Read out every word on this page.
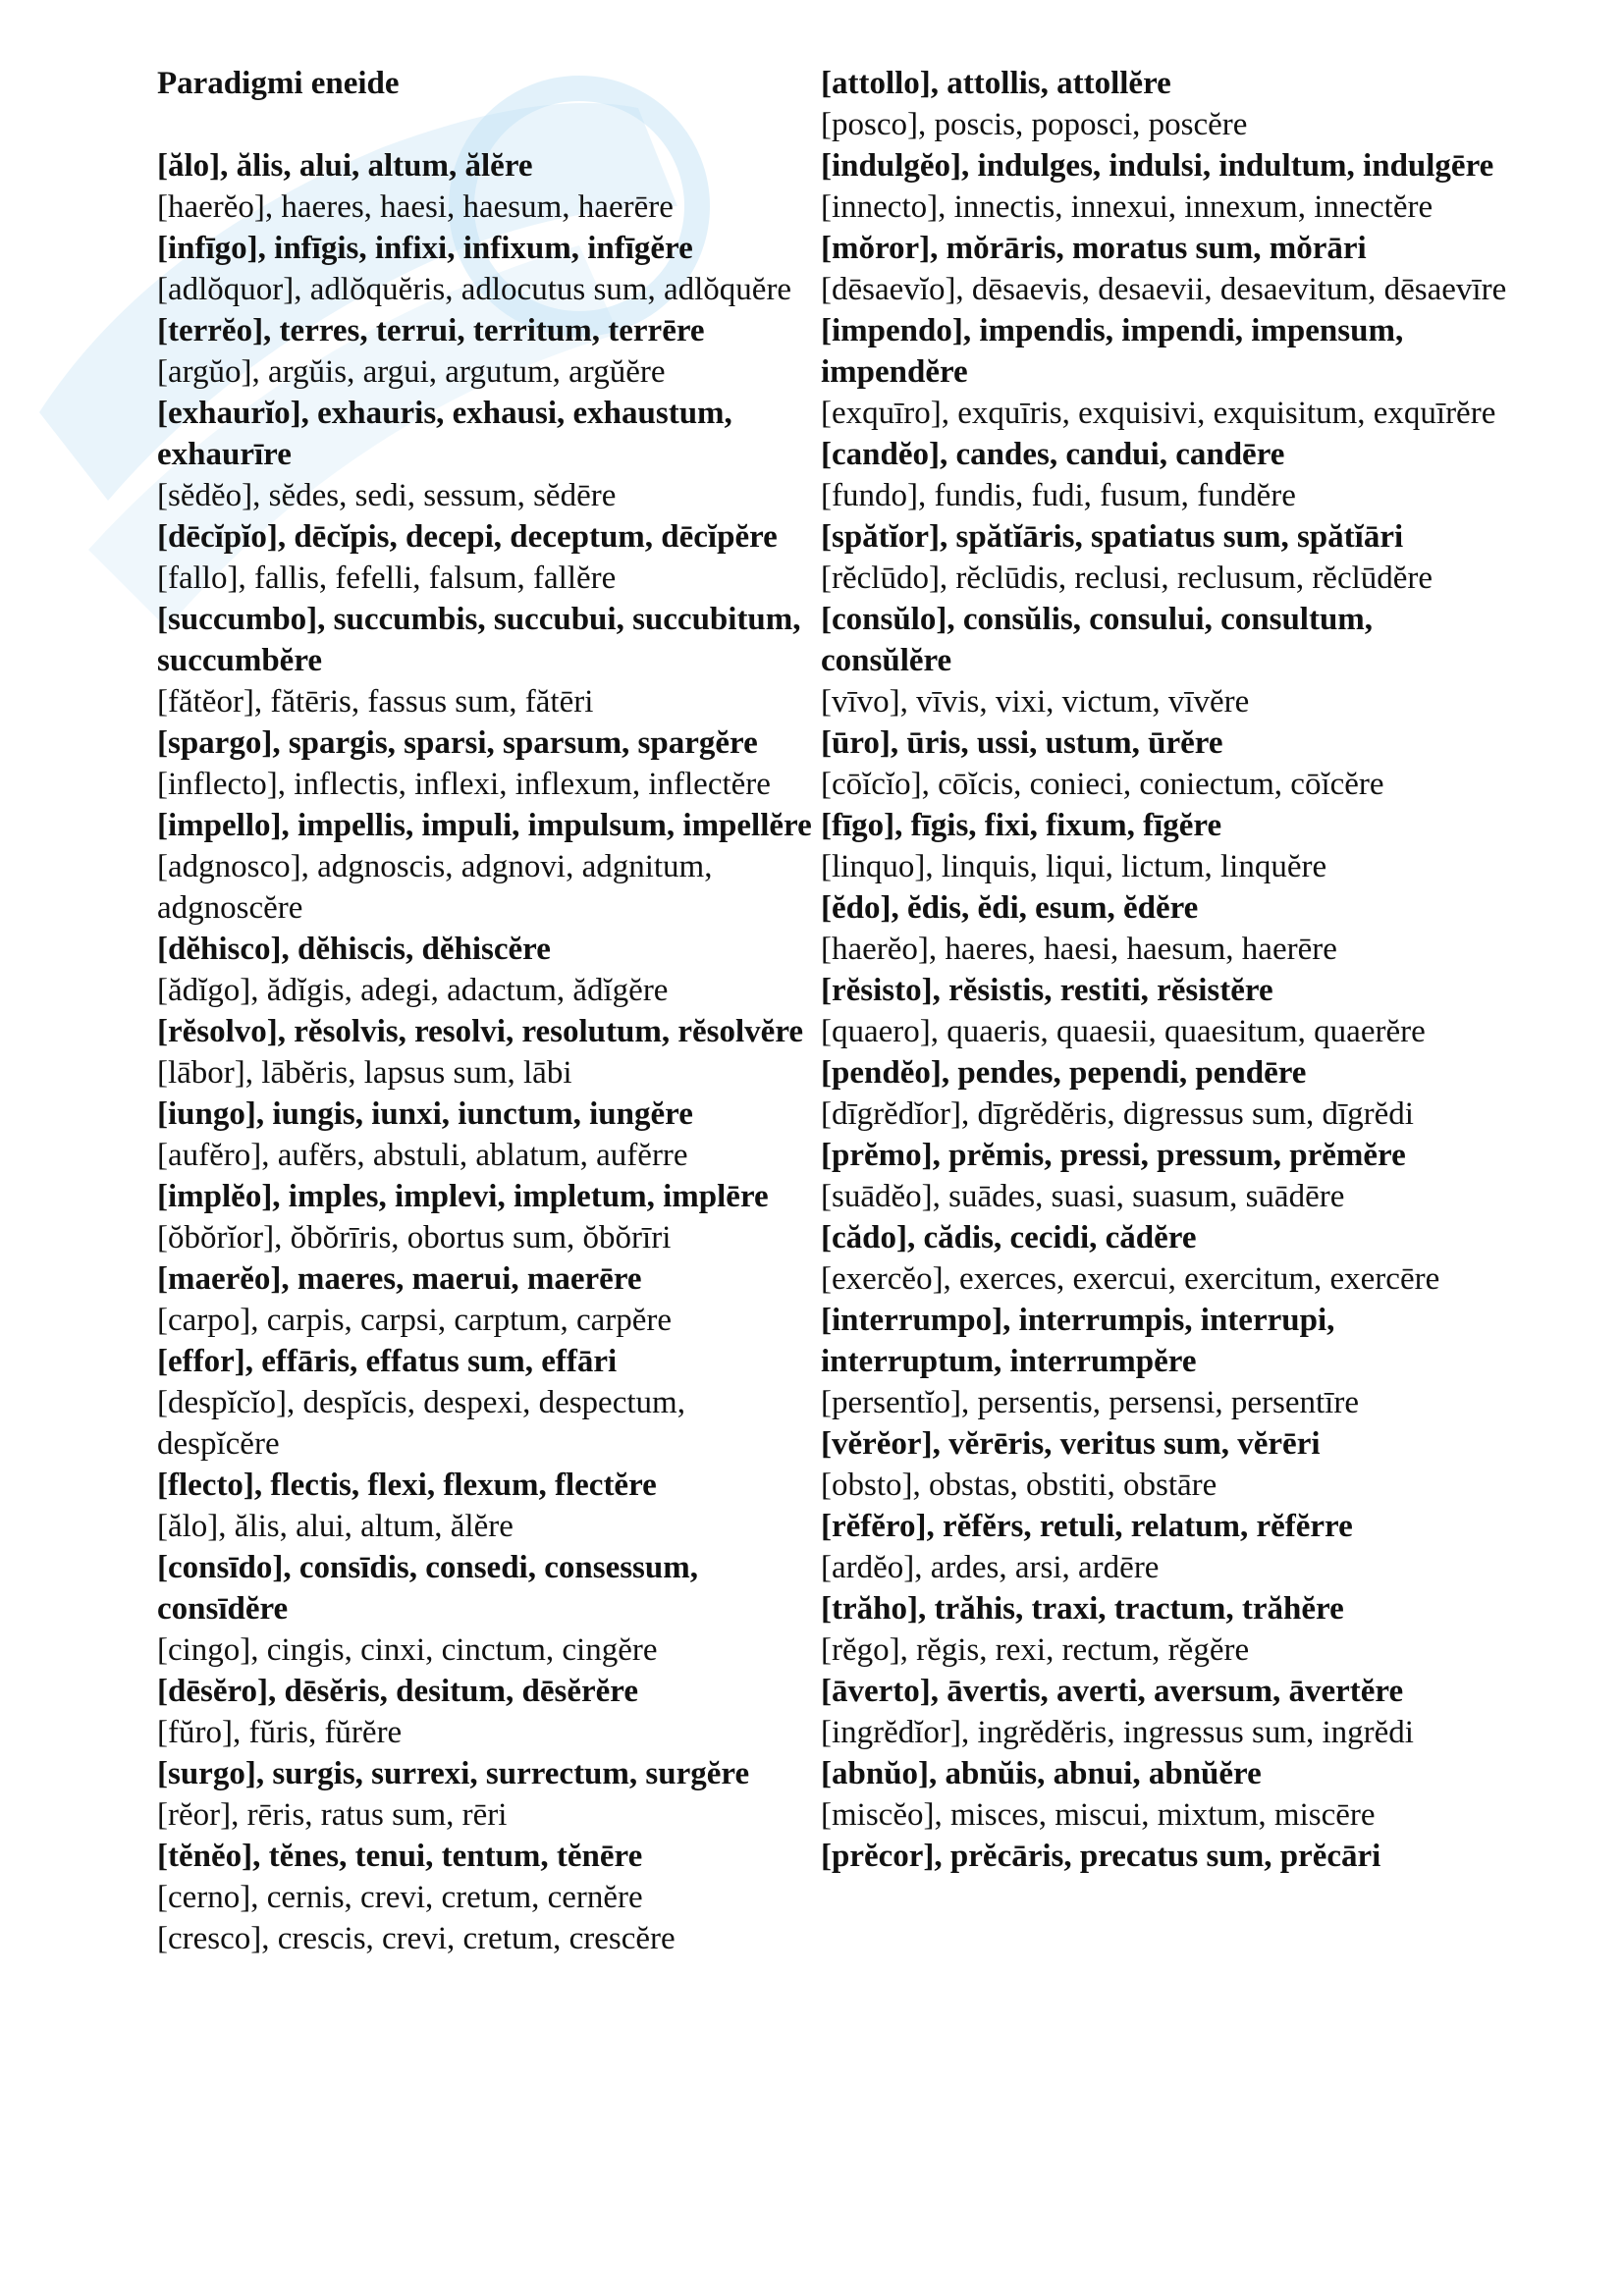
Paradigmi eneide

[ălo], ălis, alui, altum, ălĕre

[haerĕo], haeres, haesi, haesum, haerēre

[infīgo], infīgis, infixi, infixum, infīgĕre

[adlŏquor], adlŏquĕris, adlocutus sum, adlŏquĕre

[terrĕo], terres, terrui, territum, terrēre

[argŭo], argŭis, argui, argutum, argŭĕre

[exhaurĭo], exhauris, exhausi, exhaustum, exhaurīre

[sĕdĕo], sĕdes, sedi, sessum, sĕdēre

[dēcĭpĭo], dēcĭpis, decepi, deceptum, dēcĭpĕre

[fallo], fallis, fefelli, falsum, fallĕre

[succumbo], succumbis, succubui, succubitum, succumbĕre

[fătĕor], fătēris, fassus sum, fătēri

[spargo], spargis, sparsi, sparsum, spargĕre

[inflecto], inflectis, inflexi, inflexum, inflectĕre

[impello], impellis, impuli, impulsum, impellĕre

[adgnosco], adgnoscis, adgnovi, adgnitum, adgnoscĕre

[dĕhisco], dĕhiscis, dĕhiscĕre

[ădĭgo], ădĭgis, adegi, adactum, ădĭgĕre

[rĕsolvo], rĕsolvis, resolvi, resolutum, rĕsolvĕre

[lābor], lābĕris, lapsus sum, lābi

[iungo], iungis, iunxi, iunctum, iungĕre

[aufĕro], aufĕrs, abstuli, ablatum, aufĕrre

[implĕo], imples, implevi, impletum, implēre

[ŏbŏrĭor], ŏbŏrīris, obortus sum, ŏbŏrīri

[maerĕo], maeres, maerui, maerēre

[carpo], carpis, carpsi, carptum, carpĕre

[effor], effāris, effatus sum, effāri

[despĭcĭo], despĭcis, despexi, despectum, despĭcĕre

[flecto], flectis, flexi, flexum, flectĕre

[ălo], ălis, alui, altum, ălĕre

[consīdo], consīdis, consedi, consessum, consīdĕre

[cingo], cingis, cinxi, cinctum, cingĕre

[dēsĕro], dēsĕris, desitum, dēsĕrĕre

[fŭro], fŭris, fŭrĕre

[surgo], surgis, surrexi, surrectum, surgĕre

[rĕor], rēris, ratus sum, rēri

[tĕnĕo], tĕnes, tenui, tentum, tĕnēre

[cerno], cernis, crevi, cretum, cernĕre

[cresco], crescis, crevi, cretum, crescĕre

[attollo], attollis, attollĕre

[posco], poscis, poposci, poscĕre

[indulgĕo], indulges, indulsi, indultum, indulgēre

[innecto], innectis, innexui, innexum, innectĕre

[mŏror], mŏrāris, moratus sum, mŏrāri

[dēsaevĭo], dēsaevis, desaevii, desaevitum, dēsaevīre

[impendo], impendis, impendi, impensum, impendĕre

[exquīro], exquīris, exquisivi, exquisitum, exquīrĕre

[candĕo], candes, candui, candēre

[fundo], fundis, fudi, fusum, fundĕre

[spătĭor], spătĭāris, spatiatus sum, spătĭāri

[rĕclūdo], rĕclūdis, reclusi, reclusum, rĕclūdĕre

[consŭlo], consŭlis, consului, consultum, consŭlĕre

[vīvo], vīvis, vixi, victum, vīvĕre

[ūro], ūris, ussi, ustum, ūrĕre

[cōĭcĭo], cōĭcis, conieci, coniectum, cōĭcĕre

[fīgo], fīgis, fixi, fixum, fīgĕre

[linquo], linquis, liqui, lictum, linquĕre

[ĕdo], ĕdis, ĕdi, esum, ĕdĕre

[haerĕo], haeres, haesi, haesum, haerēre

[rĕsisto], rĕsistis, restiti, rĕsistĕre

[quaero], quaeris, quaesii, quaesitum, quaerĕre

[pendĕo], pendes, pependi, pendēre

[dīgrĕdĭor], dīgrĕdĕris, digressus sum, dīgrĕdi

[prĕmo], prĕmis, pressi, pressum, prĕmĕre

[suādĕo], suādes, suasi, suasum, suādēre

[cădo], cădis, cecidi, cădĕre

[exercĕo], exerces, exercui, exercitum, exercēre

[interrumpo], interrumpis, interrupi, interruptum, interrumpĕre

[persentĭo], persentis, persensi, persentīre

[vĕrĕor], vĕrēris, veritus sum, vĕrēri

[obsto], obstas, obstiti, obstāre

[rĕfĕro], rĕfĕrs, retuli, relatum, rĕfĕrre

[ardĕo], ardes, arsi, ardēre

[trăho], trăhis, traxi, tractum, trăhĕre

[rĕgo], rĕgis, rexi, rectum, rĕgĕre

[āverto], āvertis, averti, aversum, āvertĕre

[ingrĕdĭor], ingrĕdĕris, ingressus sum, ingrĕdi

[abnŭo], abnŭis, abnui, abnŭĕre

[miscĕo], misces, miscui, mixtum, miscēre

[prĕcor], prĕcāris, precatus sum, prĕcāri
